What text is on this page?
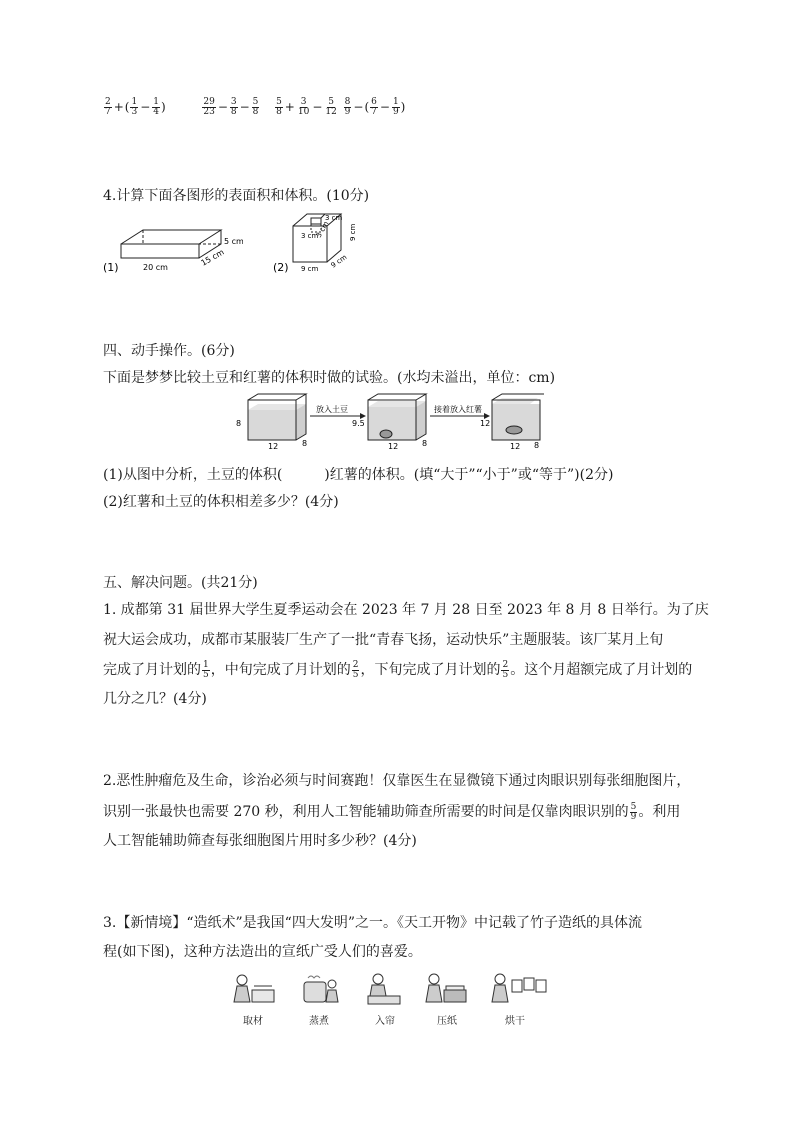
$\frac{2}{7}$ +( $\frac{1}{3} - \frac{1}{4}$ )	$\frac{29}{23} - \frac{3}{8} - \frac{5}{8}$
$\frac{5}{8} + \frac{3}{10} - \frac{5}{12}$
$\frac{8}{9}$ −( $\frac{6}{7} - \frac{1}{9}$ )
4.计算下面各图形的表面积和体积。(10分)
(1)	20 cm	15 cm
5 cm
(2)
3 cm
3 cm
3 cm
9 cm
9 cm 9 cm
四、动手操作。(6分)
下面是梦梦比较土豆和红薯的体积时做的试验。(水均未溢出，单位：cm)
8
12	8
放入土豆
9.5
12	8
接着放入红薯
12
12 8
(1)从图中分析，土豆的体积(　　　)红薯的体积。(填“大于”“小于”或“等于”)(2分)
(2)红薯和土豆的体积相差多少？(4分)
五、解决问题。(共21分)
1. 成都第 31 届世界大学生夏季运动会在 2023 年 7 月 28 日至 2023 年 8 月 8 日举行。为了庆
祝大运会成功，成都市某服装厂生产了一批“青春飞扬，运动快乐”主题服装。该厂某月上旬
完成了月计划的 $\frac{1}{5}$ ，中旬完成了月计划的 $\frac{2}{5}$ ，下旬完成了月计划的 $\frac{2}{5}$ 。这个月超额完成了月计划的
几分之几？(4分)
2.恶性肿瘤危及生命，诊治必须与时间赛跑！仅靠医生在显微镜下通过肉眼识别每张细胞图片，
识别一张最快也需要 270 秒，利用人工智能辅助筛查所需要的时间是仅靠肉眼识别的 $\frac{5}{9}$ 。利用
人工智能辅助筛查每张细胞图片用时多少秒？(4分)
3.【新情境】“造纸术”是我国“四大发明”之一。《天工开物》中记载了竹子造纸的具体流
程(如下图)，这种方法造出的宣纸广受人们的喜爱。
取材	蒸煮	入帘	压纸	烘干
